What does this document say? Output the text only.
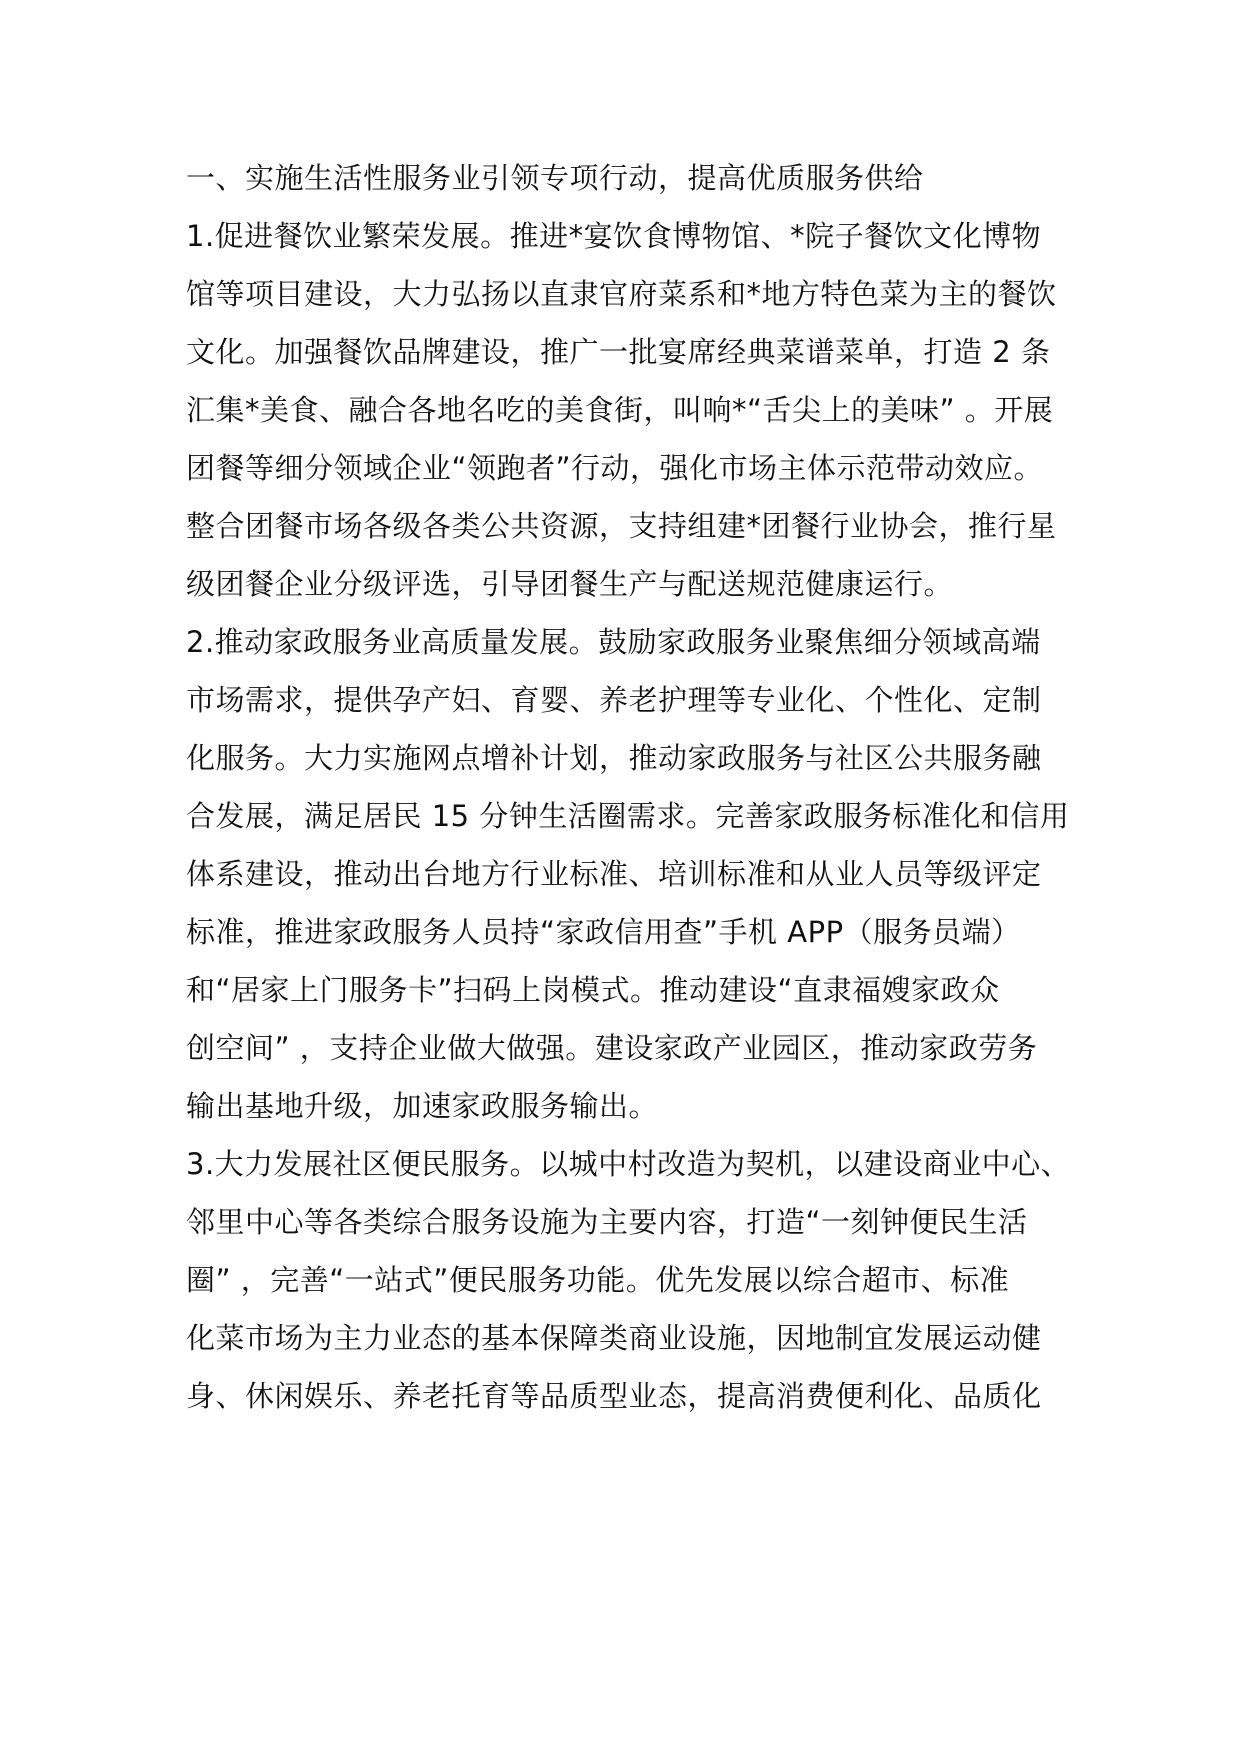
一、实施生活性服务业引领专项行动，提高优质服务供给
1.促进餐饮业繁荣发展。推进*宴饮食博物馆、*院子餐饮文化博物
馆等项目建设，大力弘扬以直隶官府菜系和*地方特色菜为主的餐饮
文化。加强餐饮品牌建设，推广一批宴席经典菜谱菜单，打造 2 条
汇集*美食、融合各地名吃的美食街，叫响*“舌尖上的美味” 。开展
团餐等细分领域企业“领跑者”行动，强化市场主体示范带动效应。
整合团餐市场各级各类公共资源，支持组建*团餐行业协会，推行星
级团餐企业分级评选，引导团餐生产与配送规范健康运行。
2.推动家政服务业高质量发展。鼓励家政服务业聚焦细分领域高端
市场需求，提供孕产妇、育婴、养老护理等专业化、个性化、定制
化服务。大力实施网点增补计划，推动家政服务与社区公共服务融
合发展，满足居民 15 分钟生活圈需求。完善家政服务标准化和信用
体系建设，推动出台地方行业标准、培训标准和从业人员等级评定
标准，推进家政服务人员持“家政信用查”手机 APP（服务员端）
和“居家上门服务卡”扫码上岗模式。推动建设“直隶福嫂家政众
创空间” ，支持企业做大做强。建设家政产业园区，推动家政劳务
输出基地升级，加速家政服务输出。
3.大力发展社区便民服务。以城中村改造为契机，以建设商业中心、
邻里中心等各类综合服务设施为主要内容，打造“一刻钟便民生活
圈” ，完善“一站式”便民服务功能。优先发展以综合超市、标准
化菜市场为主力业态的基本保障类商业设施，因地制宜发展运动健
身、休闲娱乐、养老托育等品质型业态，提高消费便利化、品质化
